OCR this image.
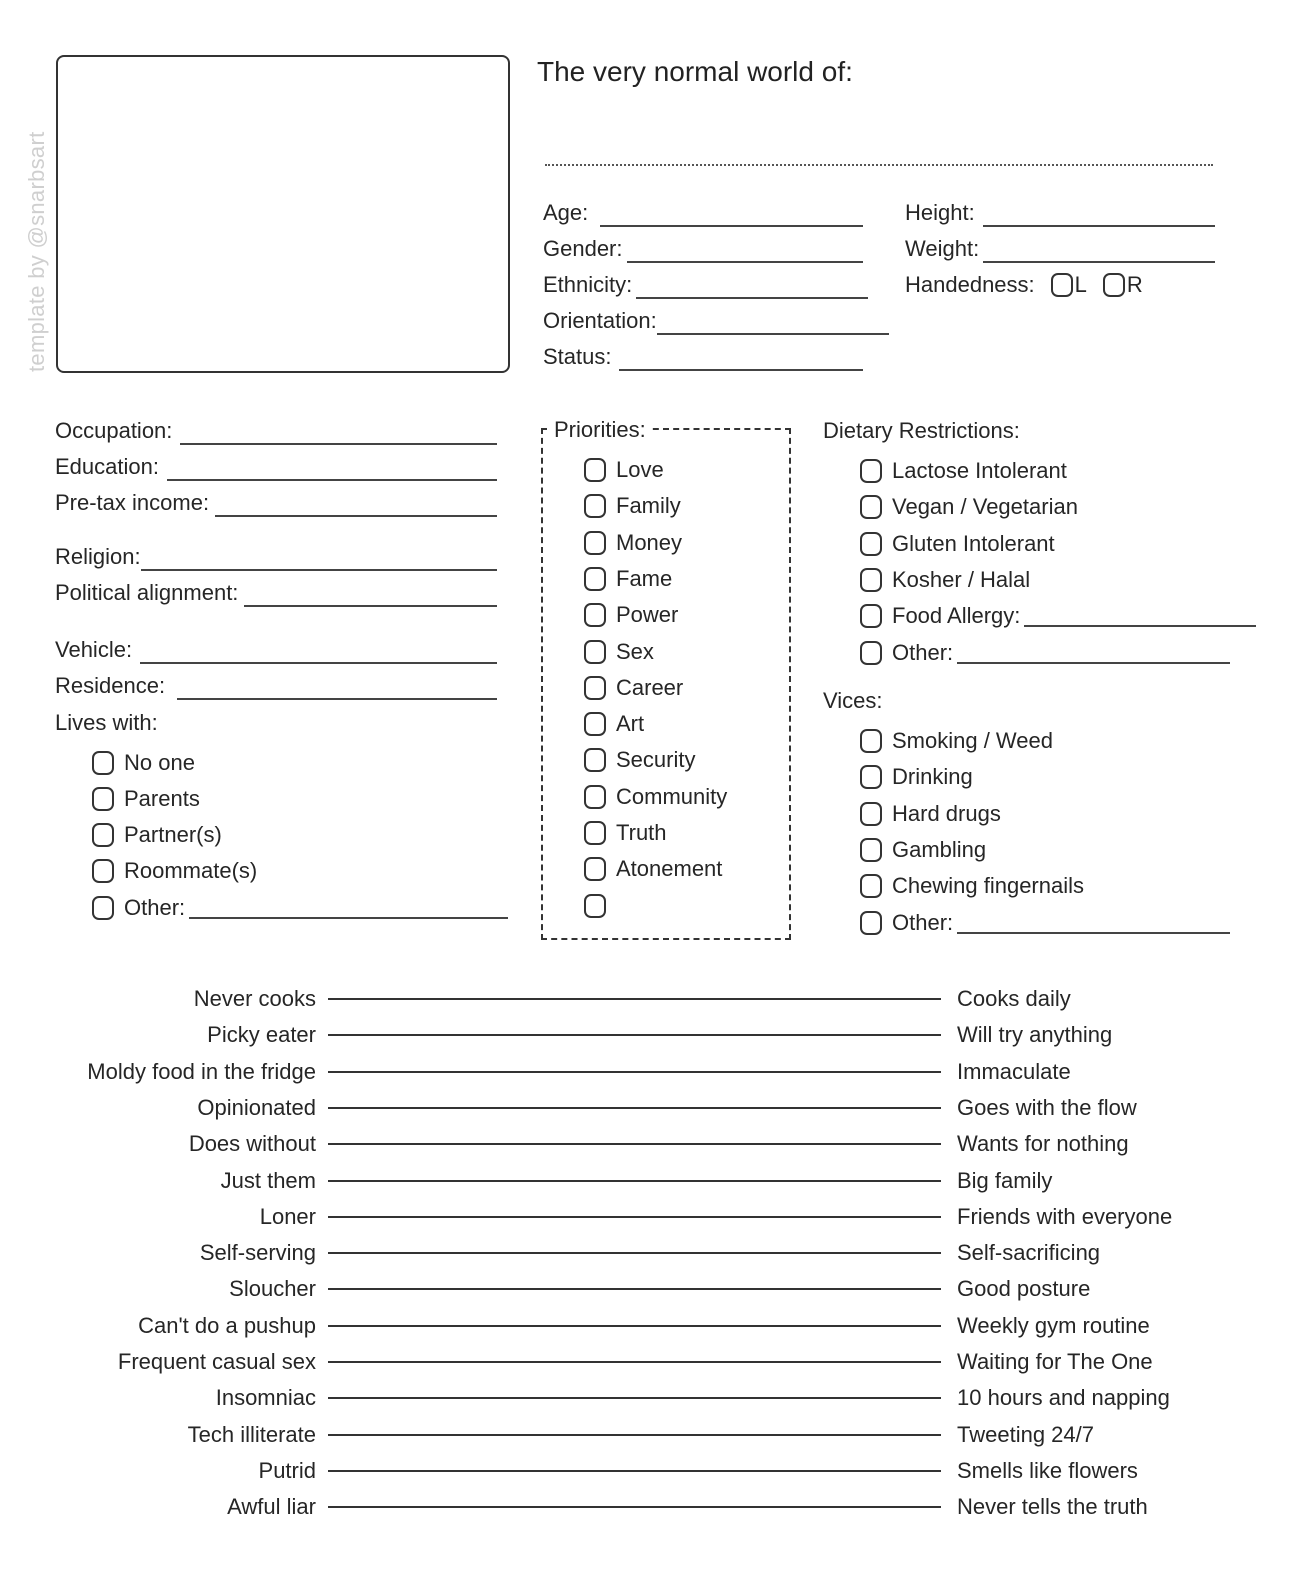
template by @snarbsart
The very normal world of:
Age:
Gender:
Ethnicity:
Orientation:
Status:
Height:
Weight:
Handedness: L R
Occupation:
Education:
Pre-tax income:
Religion:
Political alignment:
Vehicle:
Residence:
Lives with:
No one
Parents
Partner(s)
Roommate(s)
Other:
Priorities:
Love
Family
Money
Fame
Power
Sex
Career
Art
Security
Community
Truth
Atonement
Dietary Restrictions:
Lactose Intolerant
Vegan / Vegetarian
Gluten Intolerant
Kosher / Halal
Food Allergy:
Other:
Vices:
Smoking / Weed
Drinking
Hard drugs
Gambling
Chewing fingernails
Other:
Never cooks	Cooks daily
Picky eater	Will try anything
Moldy food in the fridge	Immaculate
Opinionated	Goes with the flow
Does without	Wants for nothing
Just them	Big family
Loner	Friends with everyone
Self-serving	Self-sacrificing
Sloucher	Good posture
Can't do a pushup	Weekly gym routine
Frequent casual sex	Waiting for The One
Insomniac	10 hours and napping
Tech illiterate	Tweeting 24/7
Putrid	Smells like flowers
Awful liar	Never tells the truth
